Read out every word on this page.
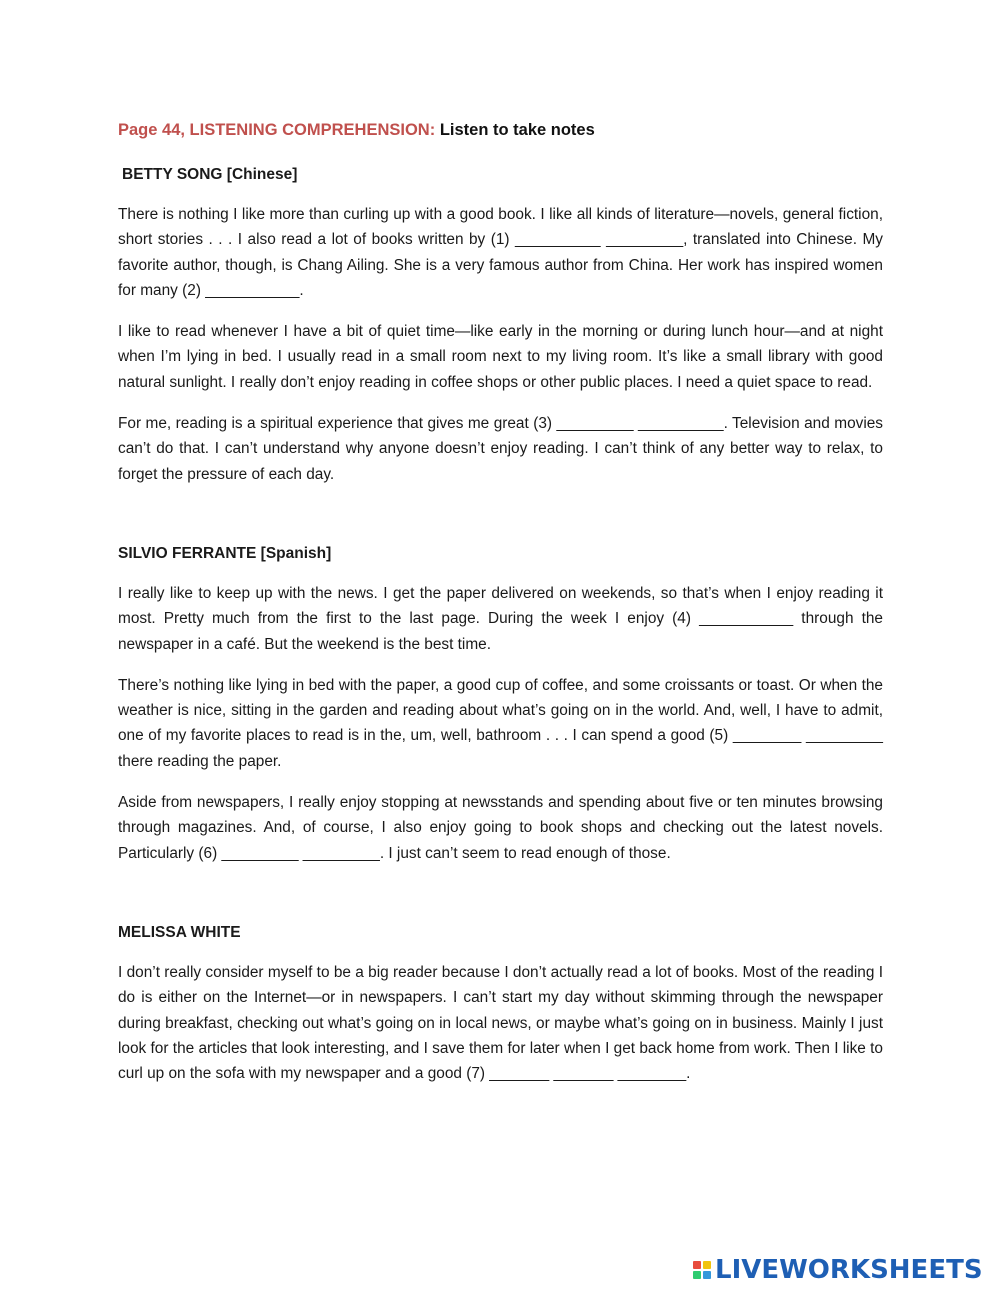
Page 44, LISTENING COMPREHENSION: Listen to take notes
BETTY SONG [Chinese]

There is nothing I like more than curling up with a good book. I like all kinds of literature—novels, general fiction, short stories . . . I also read a lot of books written by (1) __________ _________, translated into Chinese. My favorite author, though, is Chang Ailing. She is a very famous author from China. Her work has inspired women for many (2) ___________.

I like to read whenever I have a bit of quiet time—like early in the morning or during lunch hour—and at night when I’m lying in bed. I usually read in a small room next to my living room. It’s like a small library with good natural sunlight. I really don’t enjoy reading in coffee shops or other public places. I need a quiet space to read.

For me, reading is a spiritual experience that gives me great (3) _________ __________. Television and movies can’t do that. I can’t understand why anyone doesn’t enjoy reading. I can’t think of any better way to relax, to forget the pressure of each day.

SILVIO FERRANTE [Spanish]

I really like to keep up with the news. I get the paper delivered on weekends, so that’s when I enjoy reading it most. Pretty much from the first to the last page. During the week I enjoy (4) ___________ through the newspaper in a café. But the weekend is the best time.

There’s nothing like lying in bed with the paper, a good cup of coffee, and some croissants or toast. Or when the weather is nice, sitting in the garden and reading about what’s going on in the world. And, well, I have to admit, one of my favorite places to read is in the, um, well, bathroom . . . I can spend a good (5) ________ _________ there reading the paper.

Aside from newspapers, I really enjoy stopping at newsstands and spending about five or ten minutes browsing through magazines. And, of course, I also enjoy going to book shops and checking out the latest novels. Particularly (6) _________ _________. I just can’t seem to read enough of those.

MELISSA WHITE

I don’t really consider myself to be a big reader because I don’t actually read a lot of books. Most of the reading I do is either on the Internet—or in newspapers. I can’t start my day without skimming through the newspaper during breakfast, checking out what’s going on in local news, or maybe what’s going on in business. Mainly I just look for the articles that look interesting, and I save them for later when I get back home from work. Then I like to curl up on the sofa with my newspaper and a good (7) _______ _______ ________.

LIVEWORKSHEETS
